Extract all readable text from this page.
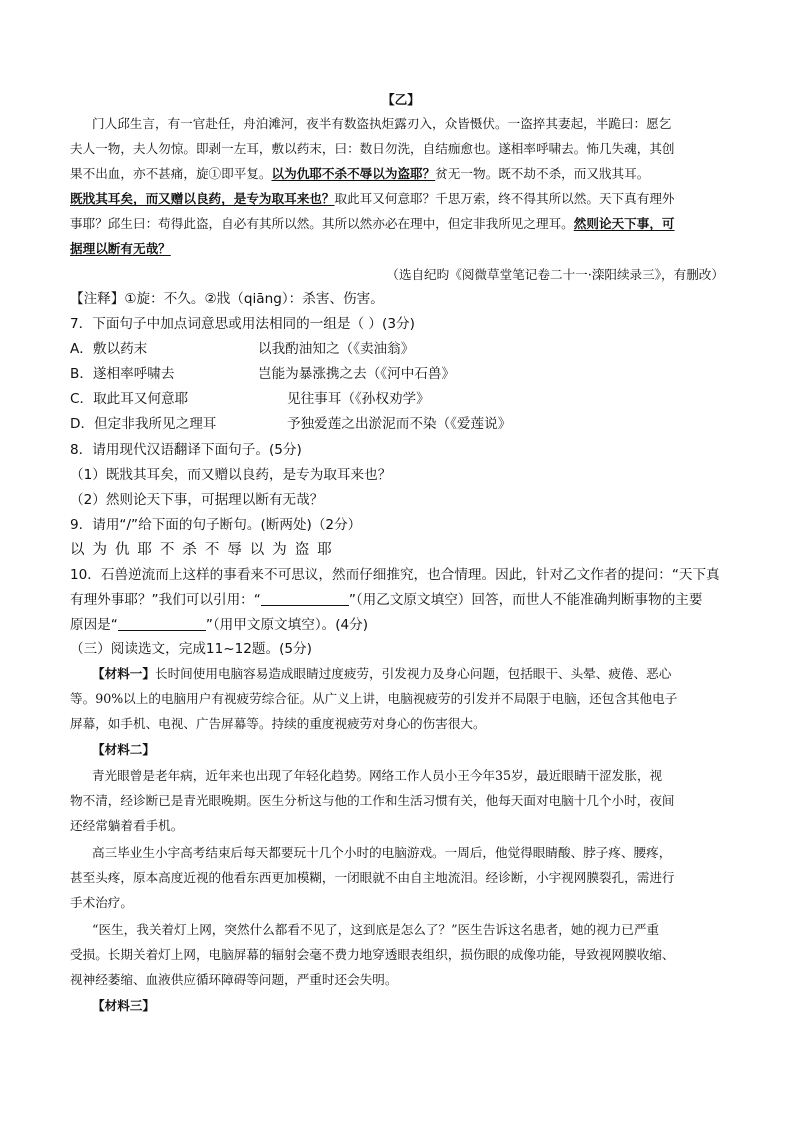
【乙】
门人邱生言，有一官赴任，舟泊滩河，夜半有数盗执炬露刃入，众皆慑伏。一盗捽其妻起，半跪曰：愿乞
夫人一物，夫人勿惊。即剥一左耳，敷以药末，曰：数日勿洗，自结痂愈也。遂相率呼啸去。怖几失魂，其创
果不出血，亦不甚痛，旋①即平复。以为仇耶不杀不辱以为盗耶？贫无一物。既不劫不杀，而又戕其耳。
既戕其耳矣，而又赠以良药，是专为取耳来也？取此耳又何意耶？千思万索，终不得其所以然。天下真有理外
事耶？邱生曰：苟得此盗，自必有其所以然。其所以然亦必在理中，但定非我所见之理耳。然则论天下事，可
据理以断有无哉？
（选自纪昀《阅微草堂笔记卷二十一·滦阳续录三》，有删改）
【注释】①旋：不久。②戕（qiāng）：杀害、伤害。
7．下面句子中加点词意思或用法相同的一组是（ ）(3分)
A．敷以药末	以我酌油知之（《卖油翁》
B．遂相率呼啸去	岂能为暴涨携之去（《河中石兽》
C．取此耳又何意耶	见往事耳（《孙权劝学》
D．但定非我所见之理耳	予独爱莲之出淤泥而不染（《爱莲说》
8．请用现代汉语翻译下面句子。(5分)
（1）既戕其耳矣，而又赠以良药，是专为取耳来也？
（2）然则论天下事，可据理以断有无哉？
9．请用“/”给下面的句子断句。(断两处)（2分）
以为仇耶不杀不辱以为盗耶
10．石兽逆流而上这样的事看来不可思议，然而仔细推究，也合情理。因此，针对乙文作者的提问：“天下真
有理外事耶？”我们可以引用：“	”（用乙文原文填空）回答，而世人不能准确判断事物的主要
原因是“	”（用甲文原文填空）。(4分)
（三）阅读选文，完成11~12题。(5分)
【材料一】长时间使用电脑容易造成眼睛过度疲劳，引发视力及身心问题，包括眼干、头晕、疲倦、恶心
等。90%以上的电脑用户有视疲劳综合征。从广义上讲，电脑视疲劳的引发并不局限于电脑，还包含其他电子
屏幕，如手机、电视、广告屏幕等。持续的重度视疲劳对身心的伤害很大。
【材料二】
青光眼曾是老年病，近年来也出现了年轻化趋势。网络工作人员小王今年35岁，最近眼睛干涩发胀，视
物不清，经诊断已是青光眼晚期。医生分析这与他的工作和生活习惯有关，他每天面对电脑十几个小时，夜间
还经常躺着看手机。
高三毕业生小宇高考结束后每天都要玩十几个小时的电脑游戏。一周后，他觉得眼睛酸、脖子疼、腰疼，
甚至头疼，原本高度近视的他看东西更加模糊，一闭眼就不由自主地流泪。经诊断，小宇视网膜裂孔，需进行
手术治疗。
“医生，我关着灯上网，突然什么都看不见了，这到底是怎么了？”医生告诉这名患者，她的视力已严重
受损。长期关着灯上网，电脑屏幕的辐射会毫不费力地穿透眼表组织，损伤眼的成像功能，导致视网膜收缩、
视神经萎缩、血液供应循环障碍等问题，严重时还会失明。
【材料三】
